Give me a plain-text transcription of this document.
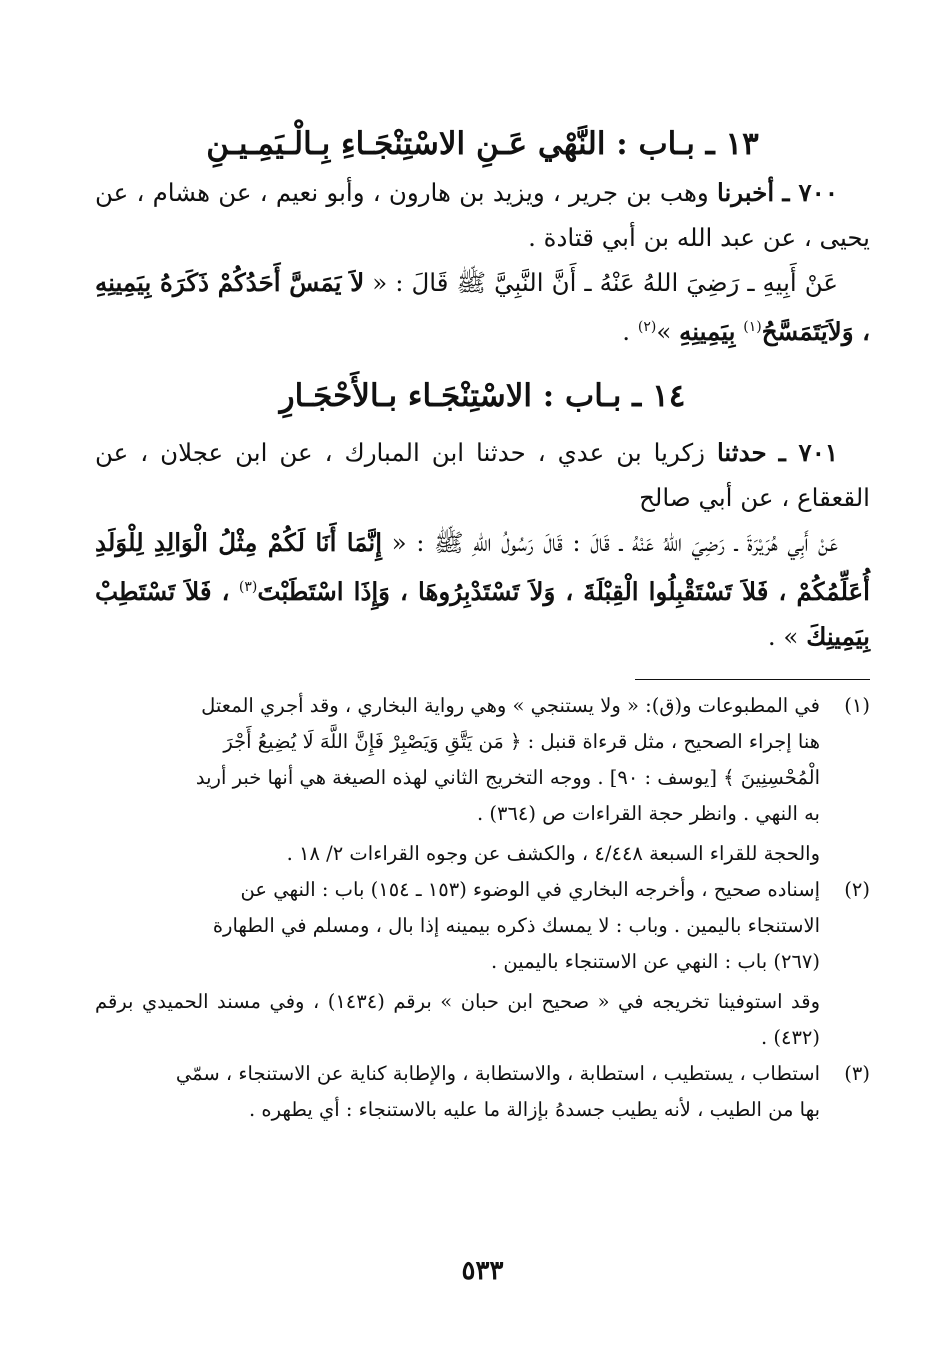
١٣ ـ بـاب : النَّهْي عَـنِ الاسْتِنْجَـاءِ بِـالْـيَمِـيـنِ

٧٠٠ ـ أخبرنا وهب بن جرير ، ويزيد بن هارون ، وأبو نعيم ، عن هشام ، عن يحيى ، عن عبد الله بن أبي قتادة .

عَنْ أَبِيهِ ـ رَضِيَ اللهُ عَنْهُ ـ أَنَّ النَّبِيَّ ﷺ قَالَ : « لاَ يَمَسَّ أَحَدُكُمْ ذَكَرَهُ بِيَمِينِهِ ، وَلاَيَتَمَسَّحُ$^{(١)}$ بِيَمِينِهِ »$^{(٢)}$ .

١٤ ـ بـاب : الاسْتِنْجَـاء بـالأَحْجَـارِ

٧٠١ ـ حدثنا زكريا بن عدي ، حدثنا ابن المبارك ، عن ابن عجلان ، عن القعقاع ، عن أبي صالح

عَنْ أَبِي هُرَيْرَةَ ـ رَضِيَ اللهُ عَنْهُ ـ قَالَ : قَالَ رَسُولُ اللهِ ﷺ : « إِنَّمَا أَنَا لَكُمْ مِثْلُ الْوَالِدِ لِلْوَلَدِ أُعَلِّمُكُمْ ، فَلاَ تَسْتَقْبِلُوا الْقِبْلَةَ ، وَلاَ تَسْتَدْبِرُوهَا ، وَإِذَا اسْتَطَبْتَ$^{(٣)}$ ، فَلاَ تَسْتَطِبْ بِيَمِينِكَ » .

(١)
في المطبوعات و(ق): « ولا يستنجي » وهي رواية البخاري ، وقد أجري المعتل
هنا إجراء الصحيح ، مثل قرءاة قنبل : ﴿ مَن يَتَّقِ وَيَصْبِرْ فَإِنَّ اللَّهَ لَا يُضِيعُ أَجْرَ
الْمُحْسِنِينَ ﴾ [يوسف : ٩٠] . ووجه التخريج الثاني لهذه الصيغة هي أنها خبر أريد
به النهي . وانظر حجة القراءات ص (٣٦٤) .
والحجة للقراء السبعة ٤/٤٤٨ ، والكشف عن وجوه القراءات ٢/ ١٨ .
(٢)
إسناده صحيح ، وأخرجه البخاري في الوضوء (١٥٣ ـ ١٥٤) باب : النهي عن
الاستنجاء باليمين . وباب : لا يمسك ذكره بيمينه إذا بال ، ومسلم في الطهارة
(٢٦٧) باب : النهي عن الاستنجاء باليمين .
وقد استوفينا تخريجه في « صحيح ابن حبان » برقم (١٤٣٤) ، وفي مسند الحميدي برقم (٤٣٢) .
(٣)
استطاب ، يستطيب ، استطابة ، والاستطابة ، والإطابة كناية عن الاستنجاء ، سمّي
بها من الطيب ، لأنه يطيب جسدهُ بإزالة ما عليه بالاستنجاء : أي يطهره .
٥٣٣
